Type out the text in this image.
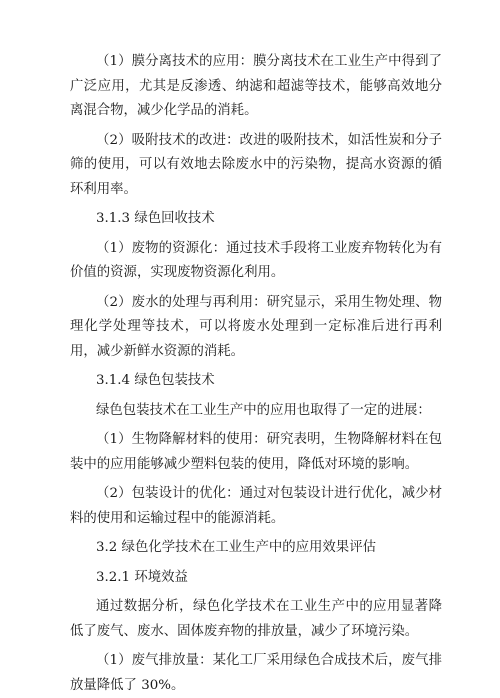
（1）膜分离技术的应用：膜分离技术在工业生产中得到了广泛应用，尤其是反渗透、纳滤和超滤等技术，能够高效地分离混合物，减少化学品的消耗。

（2）吸附技术的改进：改进的吸附技术，如活性炭和分子筛的使用，可以有效地去除废水中的污染物，提高水资源的循环利用率。

3.1.3 绿色回收技术

（1）废物的资源化：通过技术手段将工业废弃物转化为有价值的资源，实现废物资源化利用。

（2）废水的处理与再利用：研究显示，采用生物处理、物理化学处理等技术，可以将废水处理到一定标准后进行再利用，减少新鲜水资源的消耗。

3.1.4 绿色包装技术

绿色包装技术在工业生产中的应用也取得了一定的进展：

（1）生物降解材料的使用：研究表明，生物降解材料在包装中的应用能够减少塑料包装的使用，降低对环境的影响。

（2）包装设计的优化：通过对包装设计进行优化，减少材料的使用和运输过程中的能源消耗。

3.2 绿色化学技术在工业生产中的应用效果评估

3.2.1 环境效益

通过数据分析，绿色化学技术在工业生产中的应用显著降低了废气、废水、固体废弃物的排放量，减少了环境污染。

（1）废气排放量：某化工厂采用绿色合成技术后，废气排放量降低了 30%。
